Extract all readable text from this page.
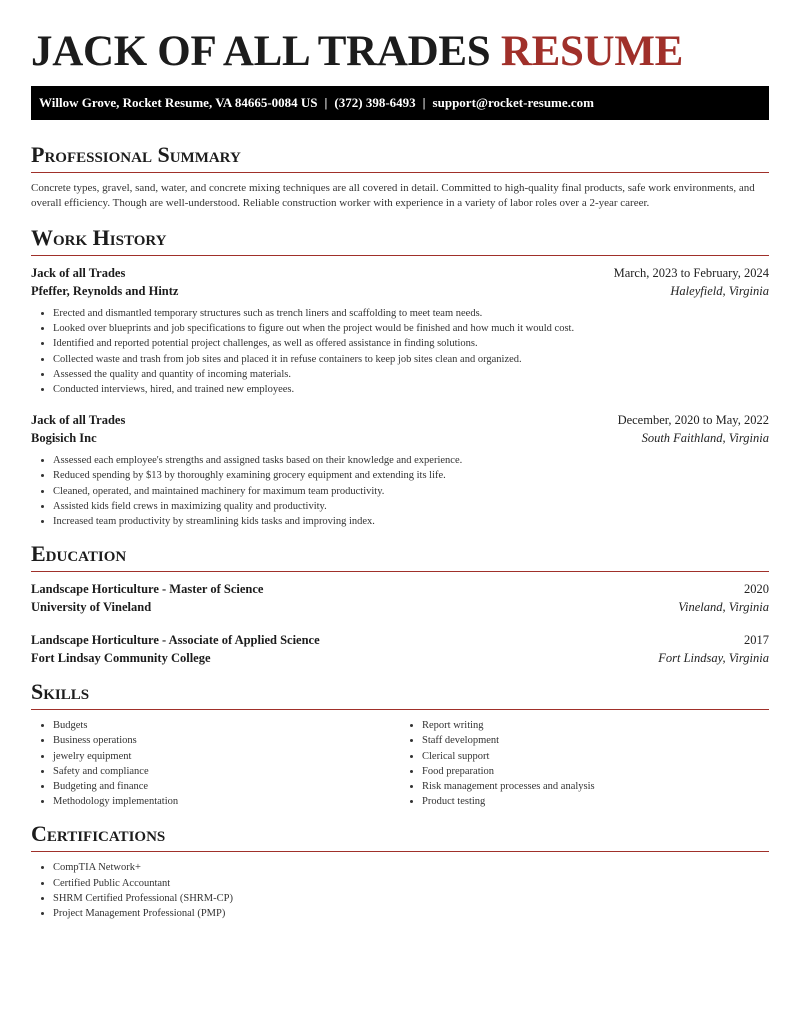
JACK OF ALL TRADES RESUME
Willow Grove, Rocket Resume, VA 84665-0084 US | (372) 398-6493 | support@rocket-resume.com
Professional Summary

Concrete types, gravel, sand, water, and concrete mixing techniques are all covered in detail. Committed to high-quality final products, safe work environments, and overall efficiency. Though are well-understood. Reliable construction worker with experience in a variety of labor roles over a 2-year career.

Work History
Jack of all Trades	March, 2023 to February, 2024
Pfeffer, Reynolds and Hintz	Haleyfield, Virginia
• Erected and dismantled temporary structures such as trench liners and scaffolding to meet team needs.
• Looked over blueprints and job specifications to figure out when the project would be finished and how much it would cost.
• Identified and reported potential project challenges, as well as offered assistance in finding solutions.
• Collected waste and trash from job sites and placed it in refuse containers to keep job sites clean and organized.
• Assessed the quality and quantity of incoming materials.
• Conducted interviews, hired, and trained new employees.
Jack of all Trades	December, 2020 to May, 2022
Bogisich Inc	South Faithland, Virginia
• Assessed each employee's strengths and assigned tasks based on their knowledge and experience.
• Reduced spending by $13 by thoroughly examining grocery equipment and extending its life.
• Cleaned, operated, and maintained machinery for maximum team productivity.
• Assisted kids field crews in maximizing quality and productivity.
• Increased team productivity by streamlining kids tasks and improving index.
Education
Landscape Horticulture - Master of Science	2020
University of Vineland	Vineland, Virginia
Landscape Horticulture - Associate of Applied Science	2017
Fort Lindsay Community College	Fort Lindsay, Virginia
Skills
• Budgets
• Business operations
• jewelry equipment
• Safety and compliance
• Budgeting and finance
• Methodology implementation
• Report writing
• Staff development
• Clerical support
• Food preparation
• Risk management processes and analysis
• Product testing
Certifications
• CompTIA Network+
• Certified Public Accountant
• SHRM Certified Professional (SHRM-CP)
• Project Management Professional (PMP)
